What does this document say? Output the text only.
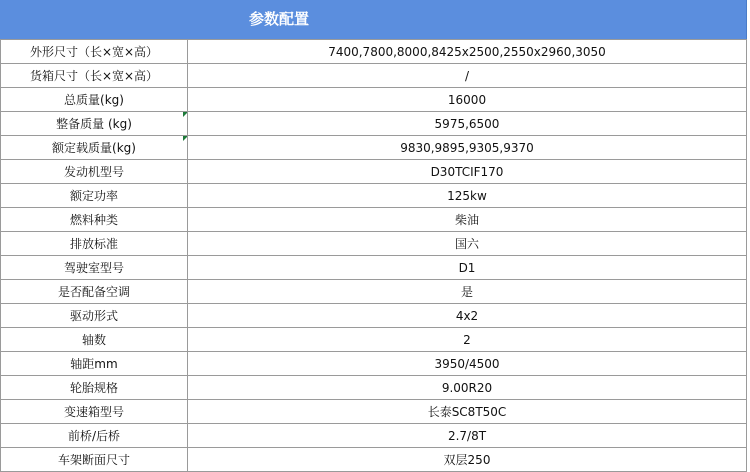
参数配置
外形尺寸（长×宽×高）	7400,7800,8000,8425x2500,2550x2960,3050
货箱尺寸（长×宽×高）	/
总质量(kg)	16000
整备质量 (kg)	5975,6500
额定载质量(kg)	9830,9895,9305,9370
发动机型号	D30TCIF170
额定功率	125kw
燃料种类	柴油
排放标准	国六
驾驶室型号	D1
是否配备空调	是
驱动形式	4x2
轴数	2
轴距mm	3950/4500
轮胎规格	9.00R20
变速箱型号	长泰SC8T50C
前桥/后桥	2.7/8T
车架断面尺寸	双层250
